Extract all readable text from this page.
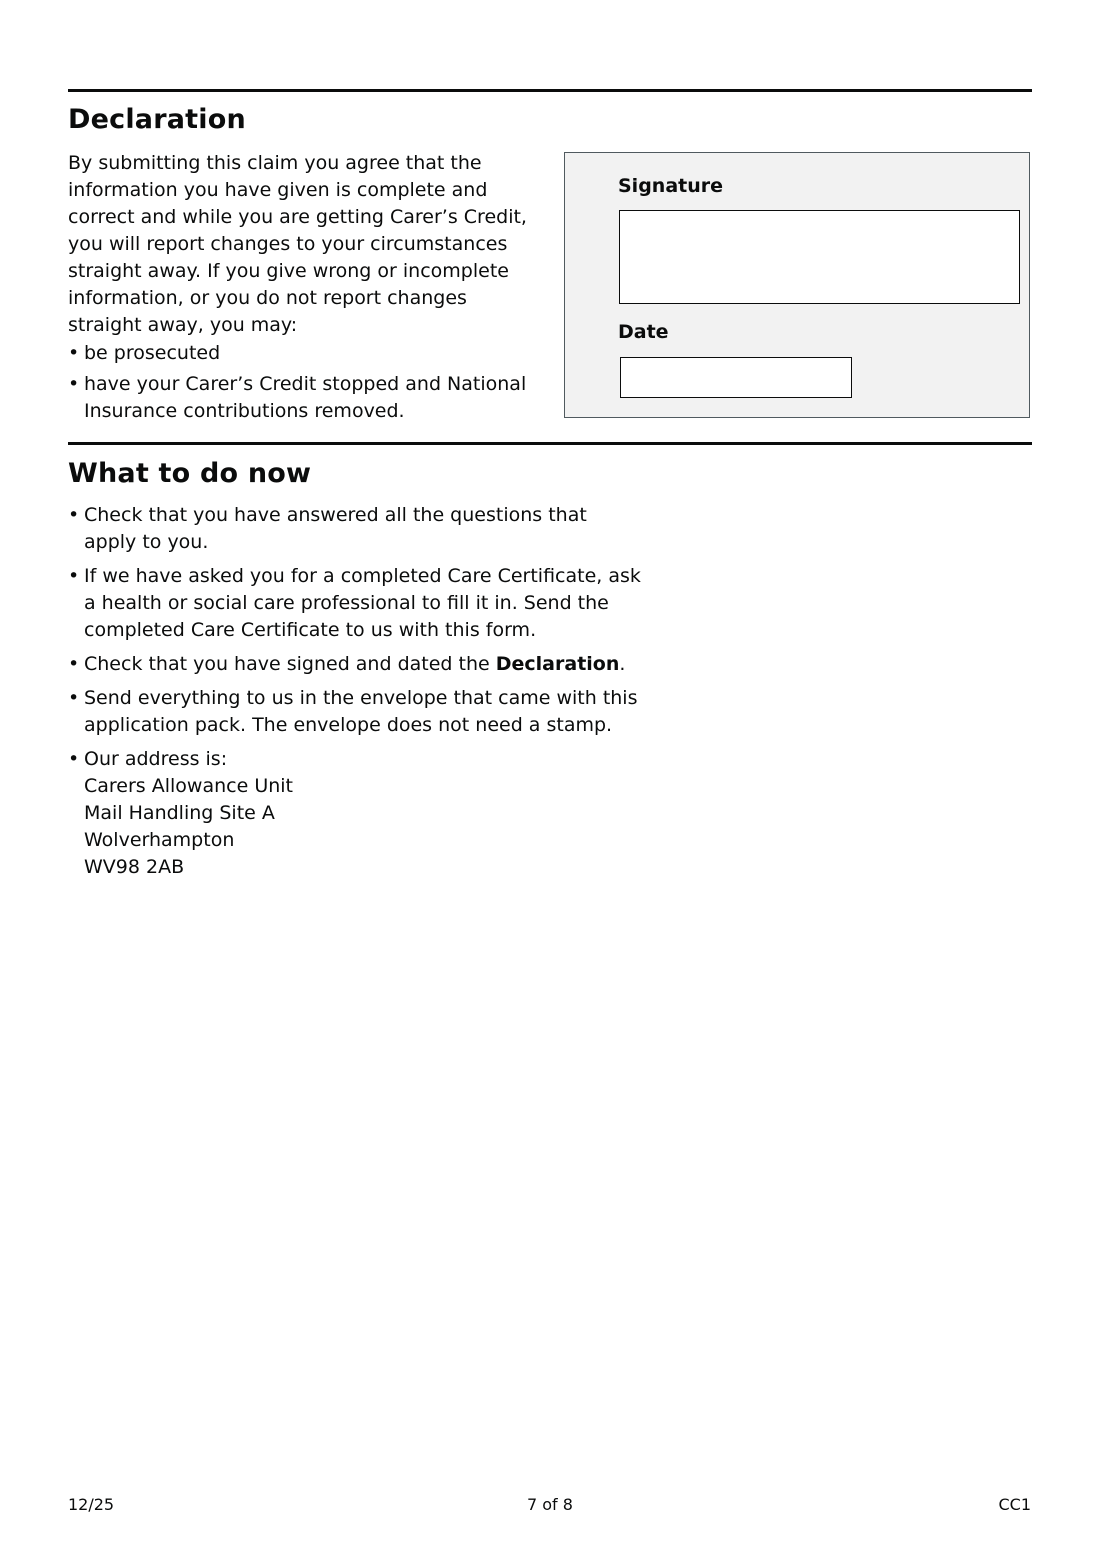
Declaration

By submitting this claim you agree that the
information you have given is complete and
correct and while you are getting Carer’s Credit,
you will report changes to your circumstances
straight away. If you give wrong or incomplete
information, or you do not report changes
straight away, you may:

• be prosecuted
• have your Carer’s Credit stopped and National
Insurance contributions removed.

Signature

Date

What to do now
• Check that you have answered all the questions that
apply to you.
• If we have asked you for a completed Care Certificate, ask
a health or social care professional to fill it in. Send the
completed Care Certificate to us with this form.
• Check that you have signed and dated the Declaration.
• Send everything to us in the envelope that came with this
application pack. The envelope does not need a stamp.
• Our address is:
Carers Allowance Unit
Mail Handling Site A
Wolverhampton
WV98 2AB
12/25	7 of 8	CC1
